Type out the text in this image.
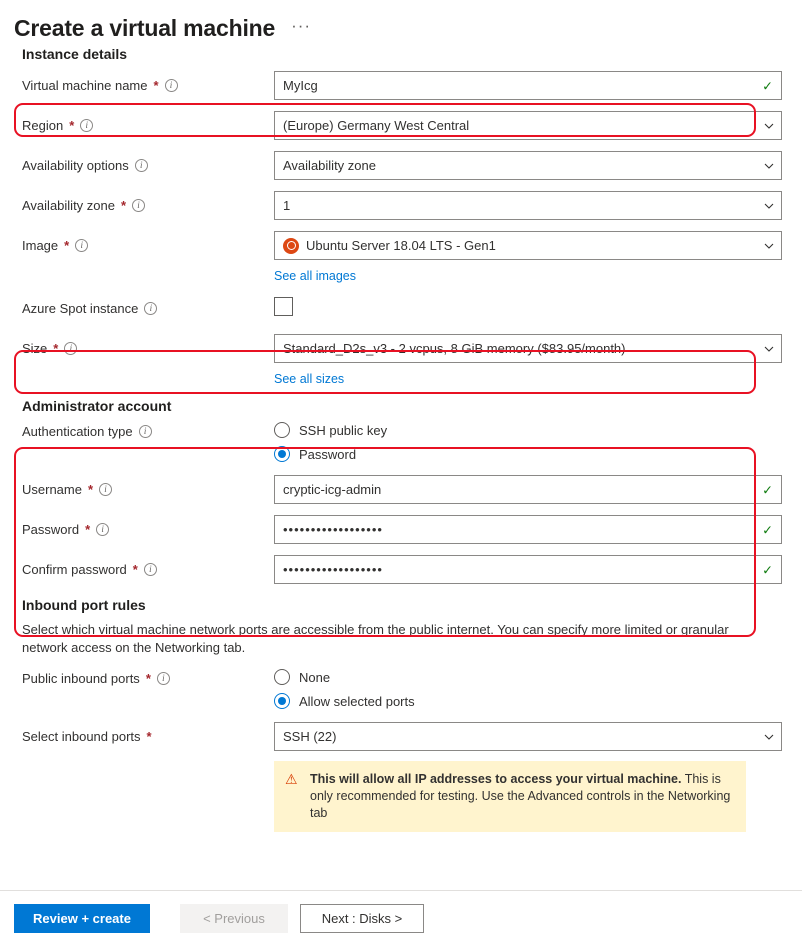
Create a virtual machine ···
Instance details
Virtual machine name *	i	MyIcg	✓
Region *	i	(Europe) Germany West Central
Availability options	i	Availability zone
Availability zone *	i	1
Image *	i	Ubuntu Server 18.04 LTS - Gen1
See all images
Azure Spot instance	i
Size *	i	Standard_D2s_v3 - 2 vcpus, 8 GiB memory ($83.95/month)
See all sizes
Administrator account
Authentication type	i	SSH public key
Password
Username *	i	cryptic-icg-admin	✓
Password *	i	••••••••••••••••••	✓
Confirm password *	i	••••••••••••••••••	✓
Inbound port rules
Select which virtual machine network ports are accessible from the public internet. You can specify more limited or granular network access on the Networking tab.
Public inbound ports *	i	None
Allow selected ports
Select inbound ports *	SSH (22)
⚠ This will allow all IP addresses to access your virtual machine. This is only recommended for testing. Use the Advanced controls in the Networking tab
Review + create	< Previous	Next : Disks >
